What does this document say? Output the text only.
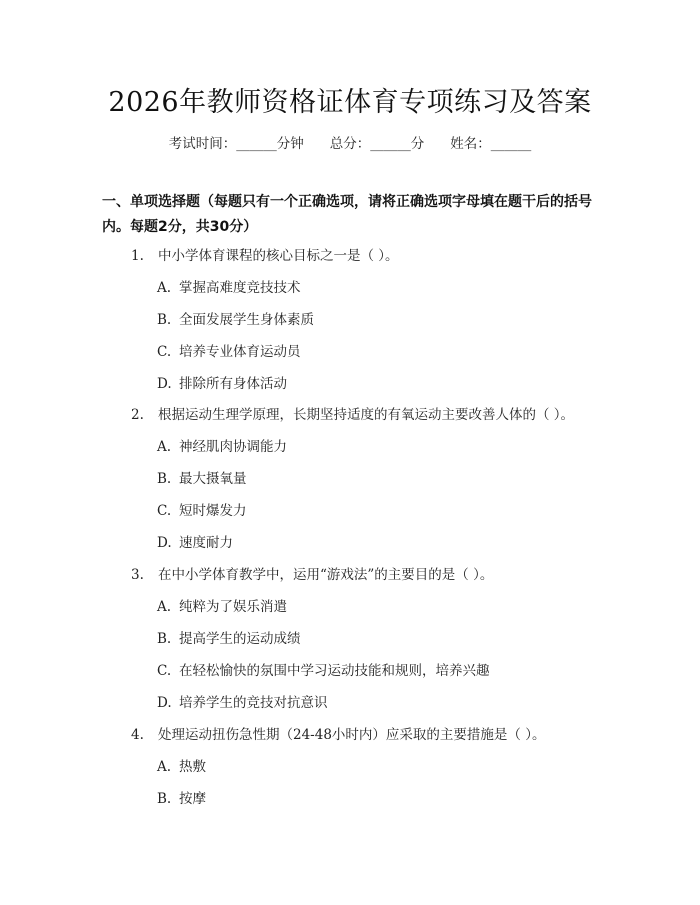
2026年教师资格证体育专项练习及答案
考试时间：______分钟 总分：______分 姓名：______
一、单项选择题（每题只有一个正确选项，请将正确选项字母填在题干后的括号
内。每题2分，共30分）
1. 中小学体育课程的核心目标之一是（ ）。
A. 掌握高难度竞技技术
B. 全面发展学生身体素质
C. 培养专业体育运动员
D. 排除所有身体活动
2. 根据运动生理学原理，长期坚持适度的有氧运动主要改善人体的（ ）。
A. 神经肌肉协调能力
B. 最大摄氧量
C. 短时爆发力
D. 速度耐力
3. 在中小学体育教学中，运用“游戏法”的主要目的是（ ）。
A. 纯粹为了娱乐消遣
B. 提高学生的运动成绩
C. 在轻松愉快的氛围中学习运动技能和规则，培养兴趣
D. 培养学生的竞技对抗意识
4. 处理运动扭伤急性期（24-48小时内）应采取的主要措施是（ ）。
A. 热敷
B. 按摩
